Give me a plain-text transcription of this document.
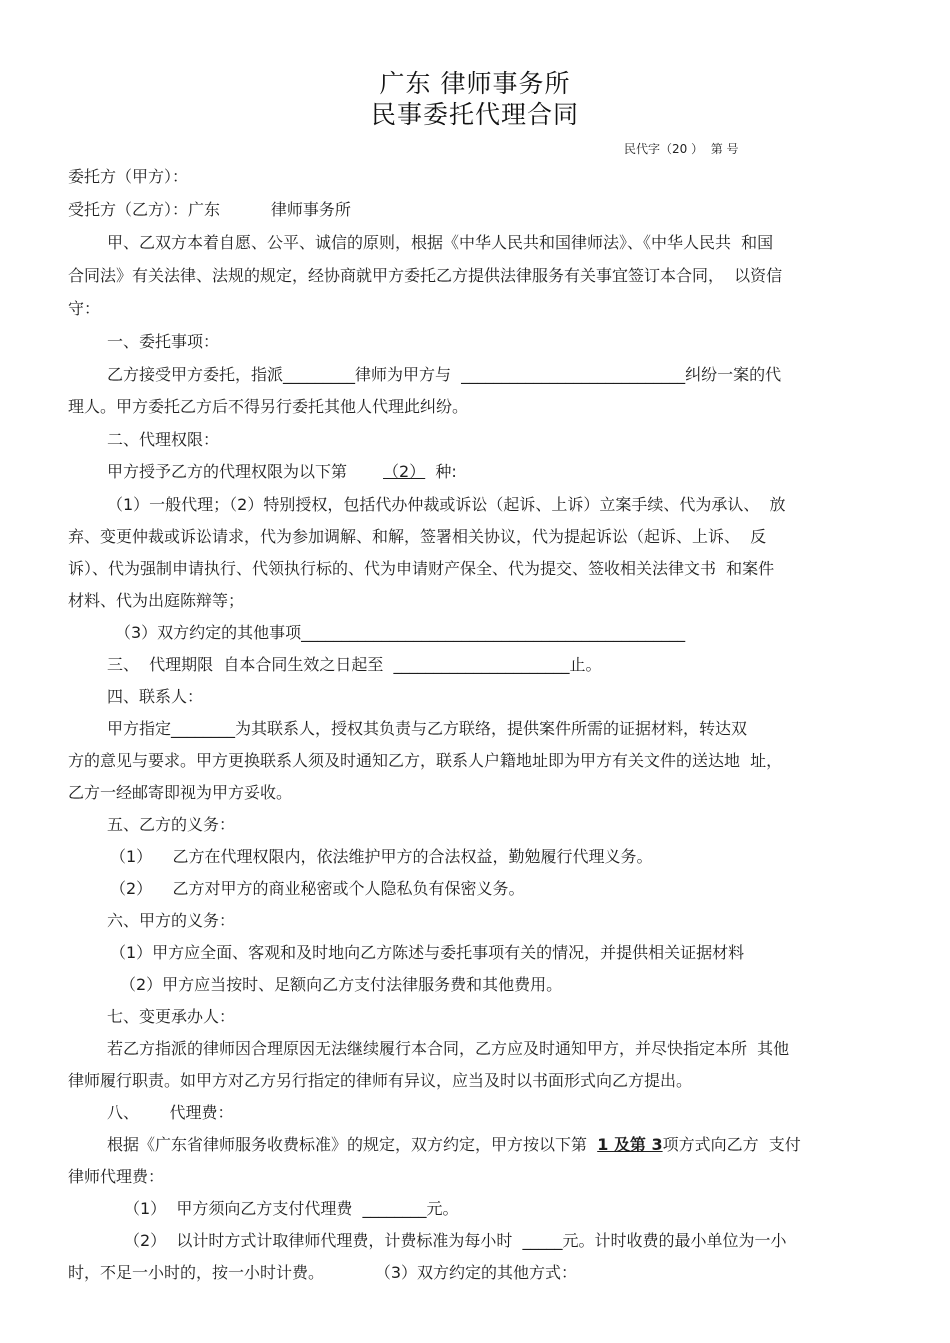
广东 律师事务所
民事委托代理合同
民代字（20 ）  第 号
委托方（甲方）：
受托方（乙方）：广东          律师事务所
甲、乙双方本着自愿、公平、诚信的原则，根据《中华人民共和国律师法》、《中华人民共  和国
合同法》有关法律、法规的规定，经协商就甲方委托乙方提供法律服务有关事宜签订本合同，  以资信
守：
一、委托事项：
乙方接受甲方委托，指派_________律师为甲方与  ____________________________纠纷一案的代
理人。甲方委托乙方后不得另行委托其他人代理此纠纷。
二、代理权限：
甲方授予乙方的代理权限为以下第 （2）  种:
（1）一般代理；（2）特别授权，包括代办仲裁或诉讼（起诉、上诉）立案手续、代为承认、  放
弃、变更仲裁或诉讼请求，代为参加调解、和解，签署相关协议，代为提起诉讼（起诉、上诉、  反
诉）、代为强制申请执行、代领执行标的、代为申请财产保全、代为提交、签收相关法律文书  和案件
材料、代为出庭陈辩等；
（3）双方约定的其他事项________________________________________________
三、  代理期限  自本合同生效之日起至  ______________________止。
四、联系人：
甲方指定________为其联系人，授权其负责与乙方联络，提供案件所需的证据材料，转达双
方的意见与要求。甲方更换联系人须及时通知乙方，联系人户籍地址即为甲方有关文件的送达地  址，
乙方一经邮寄即视为甲方妥收。
五、乙方的义务：
（1）    乙方在代理权限内，依法维护甲方的合法权益，勤勉履行代理义务。
（2）    乙方对甲方的商业秘密或个人隐私负有保密义务。
六、甲方的义务：
（1）甲方应全面、客观和及时地向乙方陈述与委托事项有关的情况，并提供相关证据材料
（2）甲方应当按时、足额向乙方支付法律服务费和其他费用。
七、变更承办人：
若乙方指派的律师因合理原因无法继续履行本合同，乙方应及时通知甲方，并尽快指定本所  其他
律师履行职责。如甲方对乙方另行指定的律师有异议，应当及时以书面形式向乙方提出。
八、      代理费：
根据《广东省律师服务收费标准》的规定，双方约定，甲方按以下第  1 及第 3项方式向乙方  支付
律师代理费：
（1）  甲方须向乙方支付代理费  ________元。
（2）  以计时方式计取律师代理费，计费标准为每小时  _____元。计时收费的最小单位为一小
时，不足一小时的，按一小时计费。          （3）双方约定的其他方式：
